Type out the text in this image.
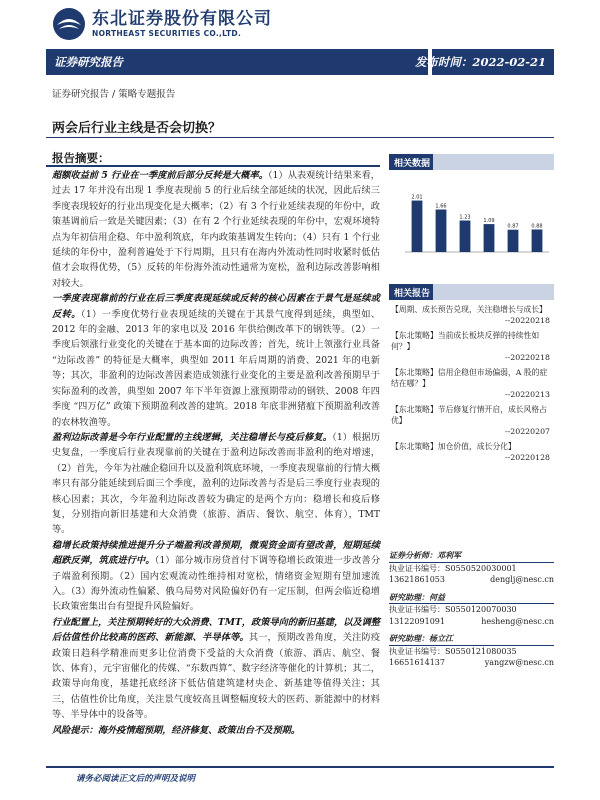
东北证券股份有限公司
NORTHEAST SECURITIES CO.,LTD.
证券研究报告	发布时间：2022-02-21
证券研究报告 / 策略专题报告
两会后行业主线是否会切换？
报告摘要：

超额收益前 5 行业在一季度前后部分反转是大概率。（1）从表观统计结果来看，过去 17 年并没有出现 1 季度表现前 5 的行业后续全部延续的状况，因此后续三季度表现较好的行业出现变化是大概率；（2）有 3 个行业延续表现的年份中，政策基调前后一致是关键因素；（3）在有 2 个行业延续表现的年份中，宏观环境特点为年初信用企稳、年中盈利筑底，年内政策基调发生转向；（4）只有 1 个行业延续的年份中，盈利普遍处于下行周期，且只有在海内外流动性同时收紧时低估值才会取得优势，（5）反转的年份海外流动性通常为宽松，盈利边际改善影响相对较大。

一季度表现靠前的行业在后三季度表现延续或反转的核心因素在于景气是延续或反转。（1）一季度优势行业表现延续的关键在于其景气度得到延续，典型如、2012 年的金融、2013 年的家电以及 2016 年供给侧改革下的钢铁等。（2）一季度后领涨行业变化的关键在于基本面的边际改善；首先，统计上领涨行业具备 “边际改善” 的特征是大概率，典型如 2011 年后周期的消费、2021 年的电新等；其次，非盈利的边际改善因素造成领涨行业变化的主要是盈利改善预期早于实际盈利的改善，典型如 2007 年下半年资源上涨预期带动的钢铁、2008 年四季度 “四万亿” 政策下预期盈利改善的建筑。2018 年底非洲猪瘟下预期盈利改善的农林牧渔等。

盈利边际改善是今年行业配置的主线逻辑，关注稳增长与疫后修复。（1）根据历史复盘，一季度后行业表现靠前的关键在于盈利边际改善而非盈利的绝对增速，（2）首先，今年为社融企稳回升以及盈利筑底环境，一季度表现靠前的行情大概率只有部分能延续到后面三个季度，盈利的边际改善与否是后三季度行业表现的核心因素；其次，今年盈利边际改善较为确定的是两个方向：稳增长和疫后修复，分别指向新旧基建和大众消费（旅游、酒店、餐饮、航空、体育），TMT 等。

稳增长政策持续推进提升分子端盈利改善预期，微观资金面有望改善，短期延续超跌反弹，筑底进行中。（1）部分城市房贷首付下调等稳增长政策进一步改善分子端盈利预期。（2）国内宏观流动性维持相对宽松，情绪资金短期有望加速流入。（3）海外流动性偏紧、俄乌局势对风险偏好仍有一定压制，但两会临近稳增长政策密集出台有望提升风险偏好。

行业配置上，关注预期转好的大众消费、TMT，政策导向的新旧基建，以及调整后估值性价比较高的医药、新能源、半导体等。其一，预期改善角度，关注防疫政策日趋科学精准而更多让位消费下受益的大众消费（旅游、酒店、航空、餐饮、体育），元宇宙催化的传媒、“东数西算”、数字经济等催化的计算机；其二，政策导向角度，基建托底经济下低估值建筑建材央企、新基建等值得关注；其三，估值性价比角度，关注景气度较高且调整幅度较大的医药、新能源中的材料等、半导体中的设备等。

风险提示：海外疫情超预期，经济修复、政策出台不及预期。

相关数据
2.01
1.66
1.23
1.09
0.87	0.88
相关报告
【周期、成长预告兑现，关注稳增长与成长】
--20220218
【东北策略】当前成长板块反弹的持续性如何？】
--20220218
【东北策略】信用企稳但市场偏弱，A 股的症结在哪？】
--20220213
【东北策略】节后修复行情开启，成长风格占优】
--20220207
【东北策略】加仓价值，成长分化】
--20220128
证券分析师：邓利军
执业证书编号：S0550520030001
13621861053	denglj@nesc.cn
研究助理：何益
执业证书编号：S0550120070030
13122091091	hesheng@nesc.cn
研究助理：杨立江
执业证书编号：S0550121080035
16651614137	yangzw@nesc.cn
请务必阅读正文后的声明及说明
